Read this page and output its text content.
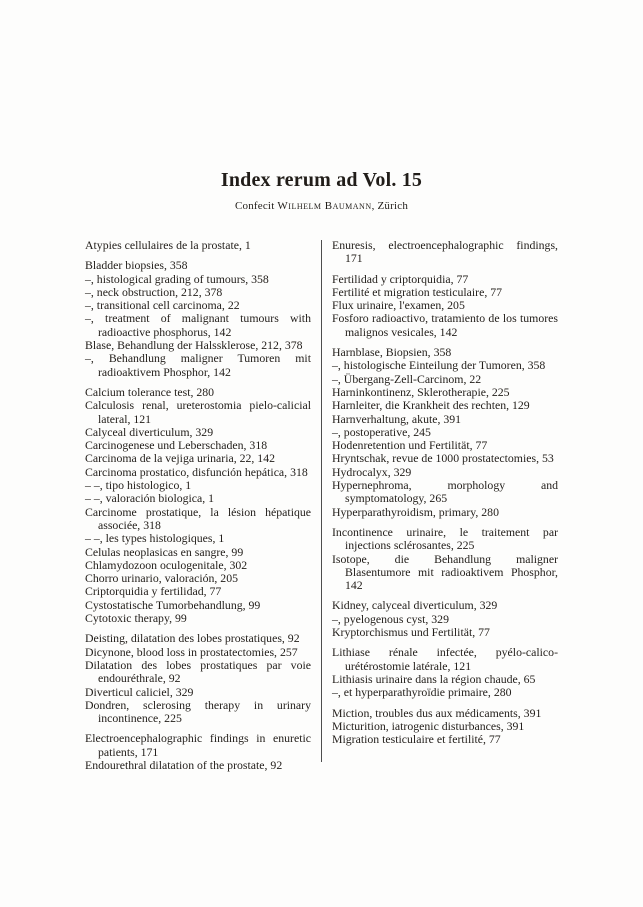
Index rerum ad Vol. 15

Confecit Wilhelm Baumann, Zürich

Atypies cellulaires de la prostate, 1

Bladder biopsies, 358

–, histological grading of tumours, 358

–, neck obstruction, 212, 378

–, transitional cell carcinoma, 22

–, treatment of malignant tumours with radioactive phosphorus, 142

Blase, Behandlung der Halssklerose, 212, 378

–, Behandlung maligner Tumoren mit radioaktivem Phosphor, 142

Calcium tolerance test, 280

Calculosis renal, ureterostomia pielo-calicial lateral, 121

Calyceal diverticulum, 329

Carcinogenese und Leberschaden, 318

Carcinoma de la vejiga urinaria, 22, 142

Carcinoma prostatico, disfunción hepática, 318

– –, tipo histologico, 1

– –, valoración biologica, 1

Carcinome prostatique, la lésion hépatique associée, 318

– –, les types histologiques, 1

Celulas neoplasicas en sangre, 99

Chlamydozoon oculogenitale, 302

Chorro urinario, valoración, 205

Criptorquidia y fertilidad, 77

Cystostatische Tumorbehandlung, 99

Cytotoxic therapy, 99

Deisting, dilatation des lobes prostatiques, 92

Dicynone, blood loss in prostatectomies, 257

Dilatation des lobes prostatiques par voie endouréthrale, 92

Diverticul caliciel, 329

Dondren, sclerosing therapy in urinary incontinence, 225

Electroencephalographic findings in enuretic patients, 171

Endourethral dilatation of the prostate, 92

Enuresis, electroencephalographic findings, 171

Fertilidad y criptorquidia, 77

Fertilité et migration testiculaire, 77

Flux urinaire, l'examen, 205

Fosforo radioactivo, tratamiento de los tumores malignos vesicales, 142

Harnblase, Biopsien, 358

–, histologische Einteilung der Tumoren, 358

–, Übergang-Zell-Carcinom, 22

Harninkontinenz, Sklerotherapie, 225

Harnleiter, die Krankheit des rechten, 129

Harnverhaltung, akute, 391

–, postoperative, 245

Hodenretention und Fertilität, 77

Hryntschak, revue de 1000 prostatectomies, 53

Hydrocalyx, 329

Hypernephroma, morphology and symptomatology, 265

Hyperparathyroidism, primary, 280

Incontinence urinaire, le traitement par injections sclérosantes, 225

Isotope, die Behandlung maligner Blasentumore mit radioaktivem Phosphor, 142

Kidney, calyceal diverticulum, 329

–, pyelogenous cyst, 329

Kryptorchismus und Fertilität, 77

Lithiase rénale infectée, pyélo-calico-urétérostomie latérale, 121

Lithiasis urinaire dans la région chaude, 65

–, et hyperparathyroïdie primaire, 280

Miction, troubles dus aux médicaments, 391

Micturition, iatrogenic disturbances, 391

Migration testiculaire et fertilité, 77
